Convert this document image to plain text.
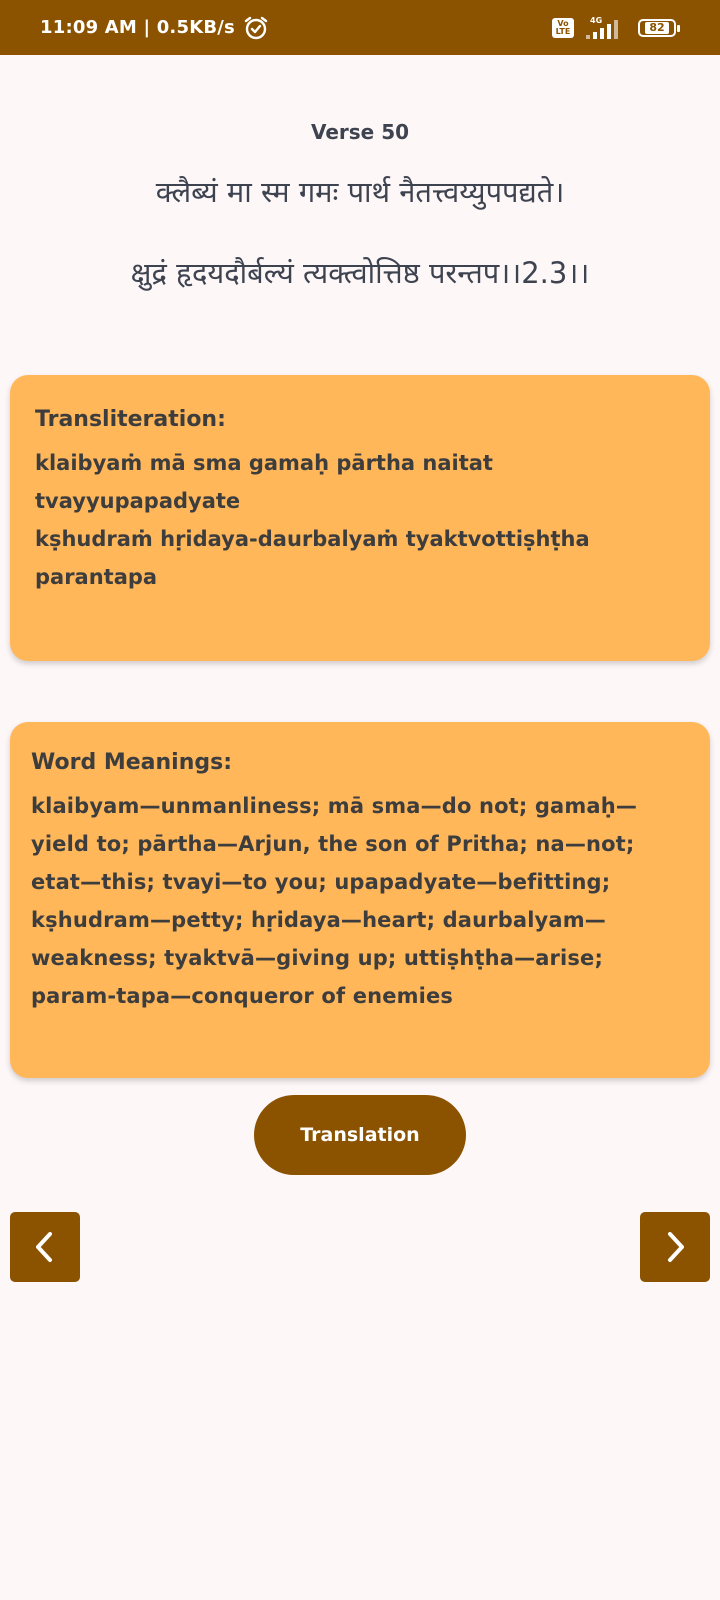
11:09 AM | 0.5KB/s	Vo
LTE
4G
82
Verse 50
क्लैब्यं मा स्म गमः पार्थ नैतत्त्वय्युपपद्यते।
क्षुद्रं हृदयदौर्बल्यं त्यक्त्वोत्तिष्ठ परन्तप।।2.3।।
Transliteration:
klaibyaṁ mā sma gamaḥ pārtha naitat
tvayyupapadyate
kṣhudraṁ hṛidaya-daurbalyaṁ tyaktvottiṣhṭha
parantapa
Word Meanings:
klaibyam—unmanliness; mā sma—do not; gamaḥ—yield to; pārtha—Arjun, the son of Pritha; na—not; etat—this; tvayi—to you; upapadyate—befitting; kṣhudram—petty; hṛidaya—heart; daurbalyam—weakness; tyaktvā—giving up; uttiṣhṭha—arise; param-tapa—conqueror of enemies
Translation
